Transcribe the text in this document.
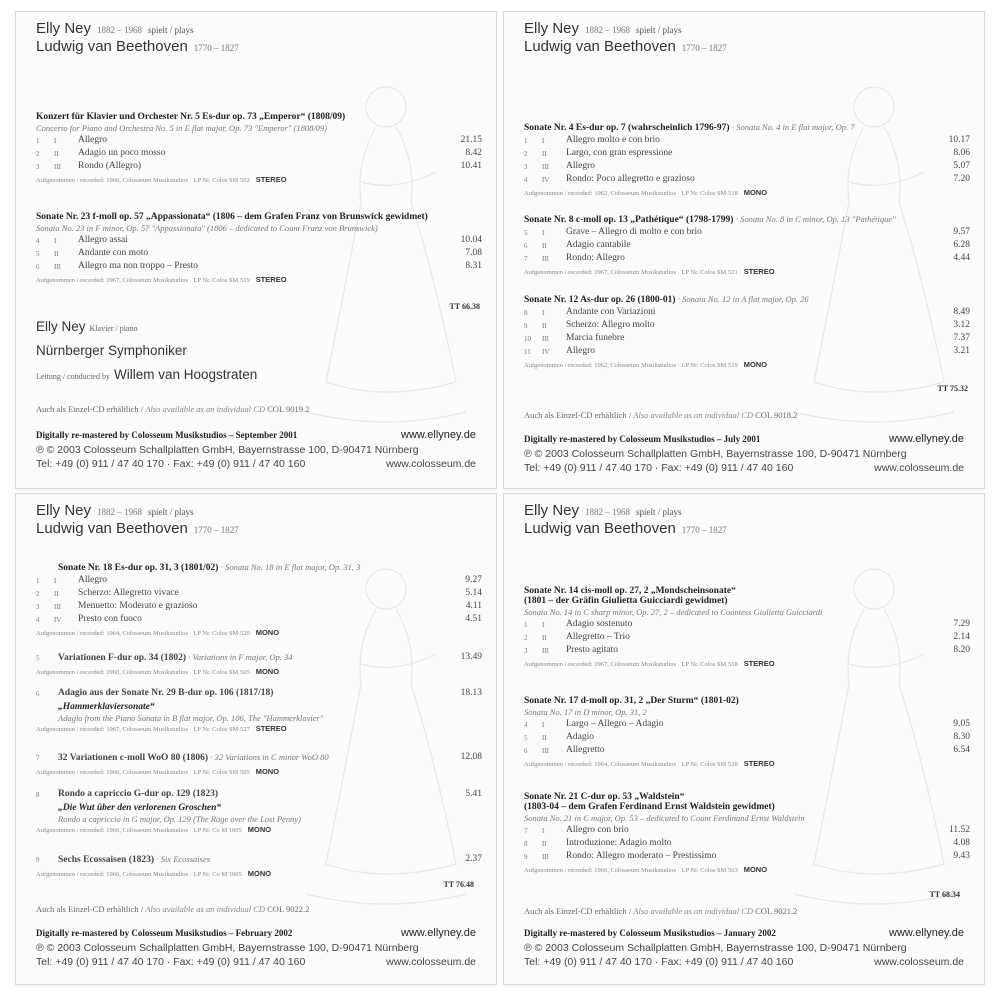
Elly Ney 1882 – 1968 spielt / plays
Ludwig van Beethoven 1770 – 1827
Konzert für Klavier und Orchester Nr. 5 Es-dur op. 73 „Emperor“ (1808/09)
Concerto for Piano and Orchestra No. 5 in E flat major, Op. 73 "Emperor" (1808/09)
1	I	Allegro	21.15
2	II	Adagio un poco mosso	8.42
3	III	Rondo (Allegro)	10.41
Aufgenommen / recorded: 1960, Colosseum Musikstudios · LP Nr. Colos SM 502 STEREO
Sonate Nr. 23 f-moll op. 57 „Appassionata“ (1806 – dem Grafen Franz von Brunswick gewidmet)
Sonata No. 23 in F minor, Op. 57 "Appassionata" (1806 – dedicated to Count Franz von Brunswick)
4	I	Allegro assai	10.04
5	II	Andante con moto	7.08
6	III	Allegro ma non troppo – Presto	8.31
Aufgenommen / recorded: 1967, Colosseum Musikstudios · LP Nr. Colos SM 519 STEREO
TT 66.38
Elly Ney Klavier / piano
Nürnberger Symphoniker
Leitung / conducted by Willem van Hoogstraten
Auch als Einzel-CD erhältlich / Also available as an individual CD COL 9019.2
Digitally re-mastered by Colosseum Musikstudios – September 2001	www.ellyney.de
℗ © 2003 Colosseum Schallplatten GmbH, Bayernstrasse 100, D-90471 Nürnberg
Tel: +49 (0) 911 / 47 40 170 · Fax: +49 (0) 911 / 47 40 160	www.colosseum.de
Elly Ney 1882 – 1968 spielt / plays
Ludwig van Beethoven 1770 – 1827
Sonate Nr. 4 Es-dur op. 7 (wahrscheinlich 1796-97) · Sonata No. 4 in E flat major, Op. 7
1	I	Allegro molto e con brio	10.17
2	II	Largo, con gran espressione	8.06
3	III	Allegro	5.07
4	IV	Rondo: Poco allegretto e grazioso	7.20
Aufgenommen / recorded: 1962, Colosseum Musikstudios · LP Nr. Colos SM 518 MONO
Sonate Nr. 8 c-moll op. 13 „Pathétique“ (1798-1799) · Sonata No. 8 in C minor, Op. 13 "Pathétique"
5	I	Grave – Allegro di molto e con brio	9.57
6	II	Adagio cantabile	6.28
7	III	Rondo: Allegro	4.44
Aufgenommen / recorded: 1967, Colosseum Musikstudios · LP Nr. Colos SM 521 STEREO
Sonate Nr. 12 As-dur op. 26 (1800-01) · Sonata No. 12 in A flat major, Op. 26
8	I	Andante con Variazioni	8.49
9	II	Scherzo: Allegro molto	3.12
10	III	Marcia funebre	7.37
11	IV	Allegro	3.21
Aufgenommen / recorded: 1962, Colosseum Musikstudios · LP Nr. Colos SM 519 MONO
TT 75.32
Auch als Einzel-CD erhältlich / Also available as an individual CD COL 9018.2
Digitally re-mastered by Colosseum Musikstudios – July 2001	www.ellyney.de
℗ © 2003 Colosseum Schallplatten GmbH, Bayernstrasse 100, D-90471 Nürnberg
Tel: +49 (0) 911 / 47 40 170 · Fax: +49 (0) 911 / 47 40 160	www.colosseum.de
Elly Ney 1882 – 1968 spielt / plays
Ludwig van Beethoven 1770 – 1827
Sonate Nr. 18 Es-dur op. 31, 3 (1801/02) · Sonata No. 18 in E flat major, Op. 31, 3
1	I	Allegro	9.27
2	II	Scherzo: Allegretto vivace	5.14
3	III	Menuetto: Moderato e grazioso	4.11
4	IV	Presto con fuoco	4.51
Aufgenommen / recorded: 1964, Colosseum Musikstudios · LP Nr. Colos SM 520 MONO
5	Variationen F-dur op. 34 (1802) · Variations in F major, Op. 34	13.49
Aufgenommen / recorded: 1960, Colosseum Musikstudios · LP Nr. Colos SM 505 MONO
6	Adagio aus der Sonate Nr. 29 B-dur op. 106 (1817/18)	18.13
„Hammerklaviersonate“
Adagio from the Piano Sonata in B flat major, Op. 106, The "Hammerklavier"
Aufgenommen / recorded: 1967, Colosseum Musikstudios · LP Nr. Colos SM 527 STEREO
7	32 Variationen c-moll WoO 80 (1806) · 32 Variations in C minor WoO 80	12.08
Aufgenommen / recorded: 1960, Colosseum Musikstudios · LP Nr. Colos SM 505 MONO
8	Rondo a capriccio G-dur op. 129 (1823)	5.41
„Die Wut über den verlorenen Groschen“
Rondo a capriccio in G major, Op. 129 (The Rage over the Lost Penny)
Aufgenommen / recorded: 1960, Colosseum Musikstudios · LP Nr. Co M 1005 MONO
9	Sechs Ecossaisen (1823) · Six Ecossaises	2.37
Aufgenommen / recorded: 1960, Colosseum Musikstudios · LP Nr. Co M 1005 MONO
TT 76.48
Auch als Einzel-CD erhältlich / Also available as an individual CD COL 9022.2
Digitally re-mastered by Colosseum Musikstudios – February 2002	www.ellyney.de
℗ © 2003 Colosseum Schallplatten GmbH, Bayernstrasse 100, D-90471 Nürnberg
Tel: +49 (0) 911 / 47 40 170 · Fax: +49 (0) 911 / 47 40 160	www.colosseum.de
Elly Ney 1882 – 1968 spielt / plays
Ludwig van Beethoven 1770 – 1827
Sonate Nr. 14 cis-moll op. 27, 2 „Mondscheinsonate“
(1801 – der Gräfin Giulietta Guicciardi gewidmet)
Sonata No. 14 in C sharp minor, Op. 27, 2 – dedicated to Countess Giulietta Guicciardi
1	I	Adagio sostenuto	7.29
2	II	Allegretto – Trio	2.14
3	III	Presto agitato	8.20
Aufgenommen / recorded: 1967, Colosseum Musikstudios · LP Nr. Colos SM 518 STEREO
Sonate Nr. 17 d-moll op. 31, 2 „Der Sturm“ (1801-02)
Sonata No. 17 in D minor, Op. 31, 2
4	I	Largo – Allegro – Adagio	9.05
5	II	Adagio	8.30
6	III	Allegretto	6.54
Aufgenommen / recorded: 1964, Colosseum Musikstudios · LP Nr. Colos SM 520 STEREO
Sonate Nr. 21 C-dur op. 53 „Waldstein“
(1803-04 – dem Grafen Ferdinand Ernst Waldstein gewidmet)
Sonata No. 21 in C major, Op. 53 – dedicated to Count Ferdinand Ernst Waldstein
7	I	Allegro con brio	11.52
8	II	Introduzione: Adagio molto	4.08
9	III	Rondo: Allegro moderato – Prestissimo	9.43
Aufgenommen / recorded: 1960, Colosseum Musikstudios · LP Nr. Colos SM 503 MONO
TT 68.34
Auch als Einzel-CD erhältlich / Also available as an individual CD COL 9021.2
Digitally re-mastered by Colosseum Musikstudios – January 2002	www.ellyney.de
℗ © 2003 Colosseum Schallplatten GmbH, Bayernstrasse 100, D-90471 Nürnberg
Tel: +49 (0) 911 / 47 40 170 · Fax: +49 (0) 911 / 47 40 160	www.colosseum.de
